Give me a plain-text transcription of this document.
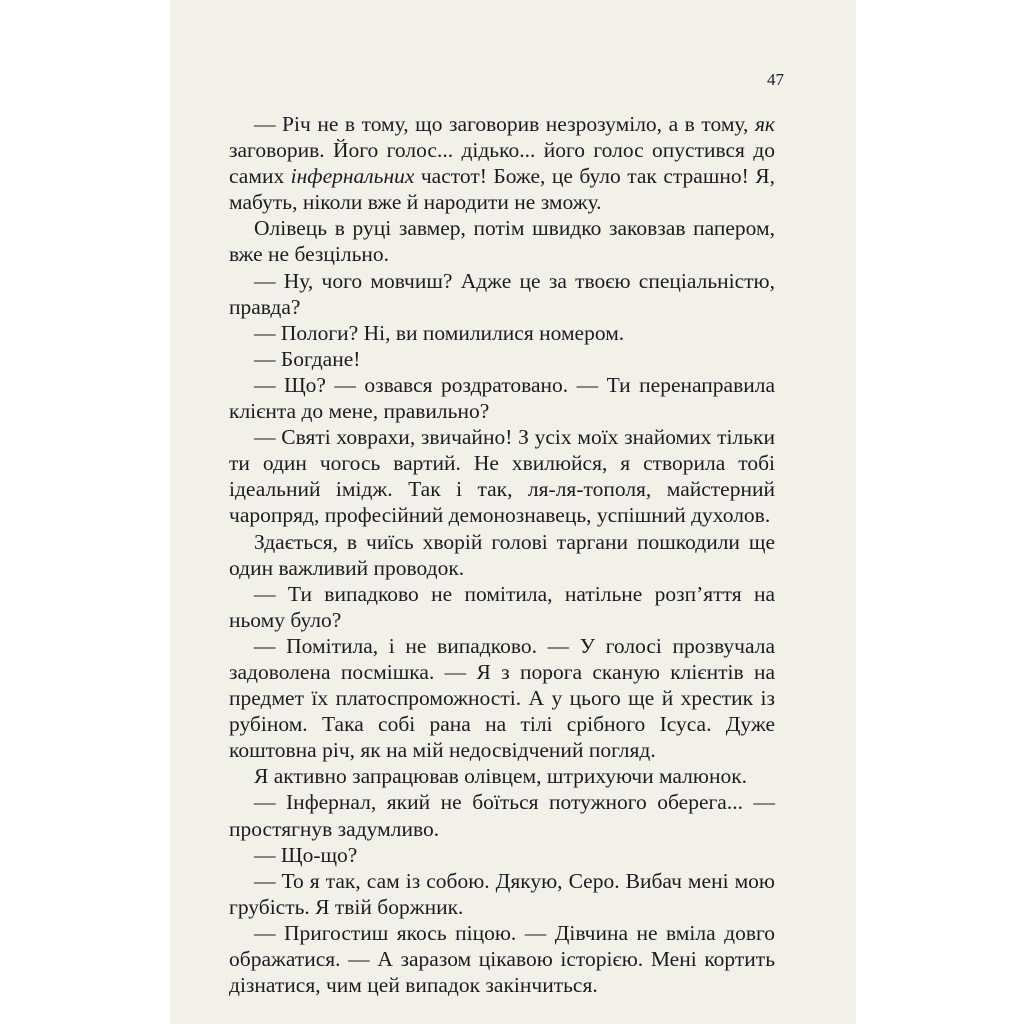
47

— Річ не в тому, що заговорив незрозуміло, а в тому, як заговорив. Його голос... дідько... його голос опустився до самих інфернальних частот! Боже, це було так страшно! Я, мабуть, ніколи вже й народити не зможу.

Олівець в руці завмер, потім швидко заковзав папером, вже не безцільно.

— Ну, чого мовчиш? Адже це за твоєю спеціальністю, правда?

— Пологи? Ні, ви помилилися номером.

— Богдане!

— Що? — озвався роздратовано. — Ти перенаправила клієнта до мене, правильно?

— Святі ховрахи, звичайно! З усіх моїх знайомих тільки ти один чогось вартий. Не хвилюйся, я створила тобі ідеальний імідж. Так і так, ля-ля-тополя, майстерний чаропряд, професійний демонознавець, успішний духолов.

Здається, в чиїсь хворій голові таргани пошкодили ще один важливий проводок.

— Ти випадково не помітила, натільне розп’яття на ньому було?

— Помітила, і не випадково. — У голосі прозвучала задоволена посмішка. — Я з порога сканую клієнтів на предмет їх платоспроможності. А у цього ще й хрестик із рубіном. Така собі рана на тілі срібного Ісуса. Дуже коштовна річ, як на мій недосвідчений погляд.

Я активно запрацював олівцем, штрихуючи малюнок.

— Інфернал, який не боїться потужного оберега... — простягнув задумливо.

— Що-що?

— То я так, сам із собою. Дякую, Серо. Вибач мені мою грубість. Я твій боржник.

— Пригостиш якось піцою. — Дівчина не вміла довго ображатися. — А заразом цікавою історією. Мені кортить дізнатися, чим цей випадок закінчиться.
